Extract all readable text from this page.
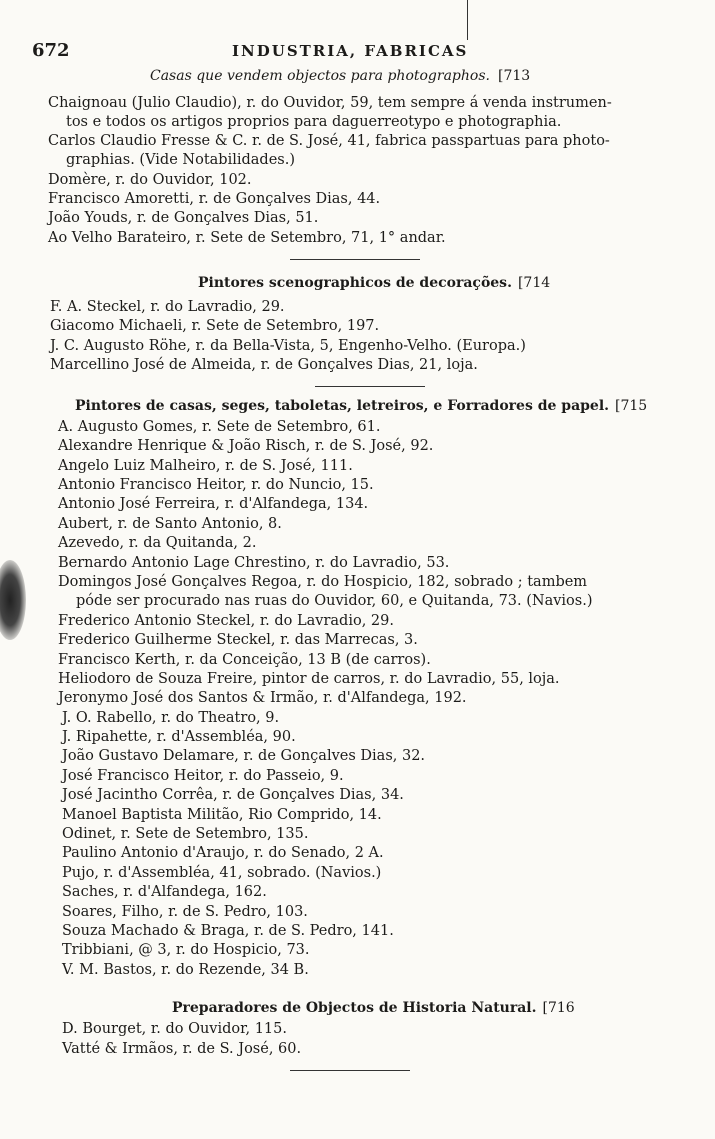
672	INDUSTRIA, FABRICAS
Casas que vendem objectos para photographos. [713
Chaignoau (Julio Claudio), r. do Ouvidor, 59, tem sempre á venda instrumen-
tos e todos os artigos proprios para daguerreotypo e photographia.
Carlos Claudio Fresse & C. r. de S. José, 41, fabrica passpartuas para photo-
graphias. (Vide Notabilidades.)
Domère, r. do Ouvidor, 102.
Francisco Amoretti, r. de Gonçalves Dias, 44.
João Youds, r. de Gonçalves Dias, 51.
Ao Velho Barateiro, r. Sete de Setembro, 71, 1° andar.
Pintores scenographicos de decorações. [714
F. A. Steckel, r. do Lavradio, 29.
Giacomo Michaeli, r. Sete de Setembro, 197.
J. C. Augusto Röhe, r. da Bella-Vista, 5, Engenho-Velho. (Europa.)
Marcellino José de Almeida, r. de Gonçalves Dias, 21, loja.
Pintores de casas, seges, taboletas, letreiros, e Forradores de papel. [715
A. Augusto Gomes, r. Sete de Setembro, 61.
Alexandre Henrique & João Risch, r. de S. José, 92.
Angelo Luiz Malheiro, r. de S. José, 111.
Antonio Francisco Heitor, r. do Nuncio, 15.
Antonio José Ferreira, r. d'Alfandega, 134.
Aubert, r. de Santo Antonio, 8.
Azevedo, r. da Quitanda, 2.
Bernardo Antonio Lage Chrestino, r. do Lavradio, 53.
Domingos José Gonçalves Regoa, r. do Hospicio, 182, sobrado ; tambem
póde ser procurado nas ruas do Ouvidor, 60, e Quitanda, 73. (Navios.)
Frederico Antonio Steckel, r. do Lavradio, 29.
Frederico Guilherme Steckel, r. das Marrecas, 3.
Francisco Kerth, r. da Conceição, 13 B (de carros).
Heliodoro de Souza Freire, pintor de carros, r. do Lavradio, 55, loja.
Jeronymo José dos Santos & Irmão, r. d'Alfandega, 192.
J. O. Rabello, r. do Theatro, 9.
J. Ripahette, r. d'Assembléa, 90.
João Gustavo Delamare, r. de Gonçalves Dias, 32.
José Francisco Heitor, r. do Passeio, 9.
José Jacintho Corrêa, r. de Gonçalves Dias, 34.
Manoel Baptista Militão, Rio Comprido, 14.
Odinet, r. Sete de Setembro, 135.
Paulino Antonio d'Araujo, r. do Senado, 2 A.
Pujo, r. d'Assembléa, 41, sobrado. (Navios.)
Saches, r. d'Alfandega, 162.
Soares, Filho, r. de S. Pedro, 103.
Souza Machado & Braga, r. de S. Pedro, 141.
Tribbiani, @ 3, r. do Hospicio, 73.
V. M. Bastos, r. do Rezende, 34 B.
Preparadores de Objectos de Historia Natural. [716
D. Bourget, r. do Ouvidor, 115.
Vatté & Irmãos, r. de S. José, 60.
